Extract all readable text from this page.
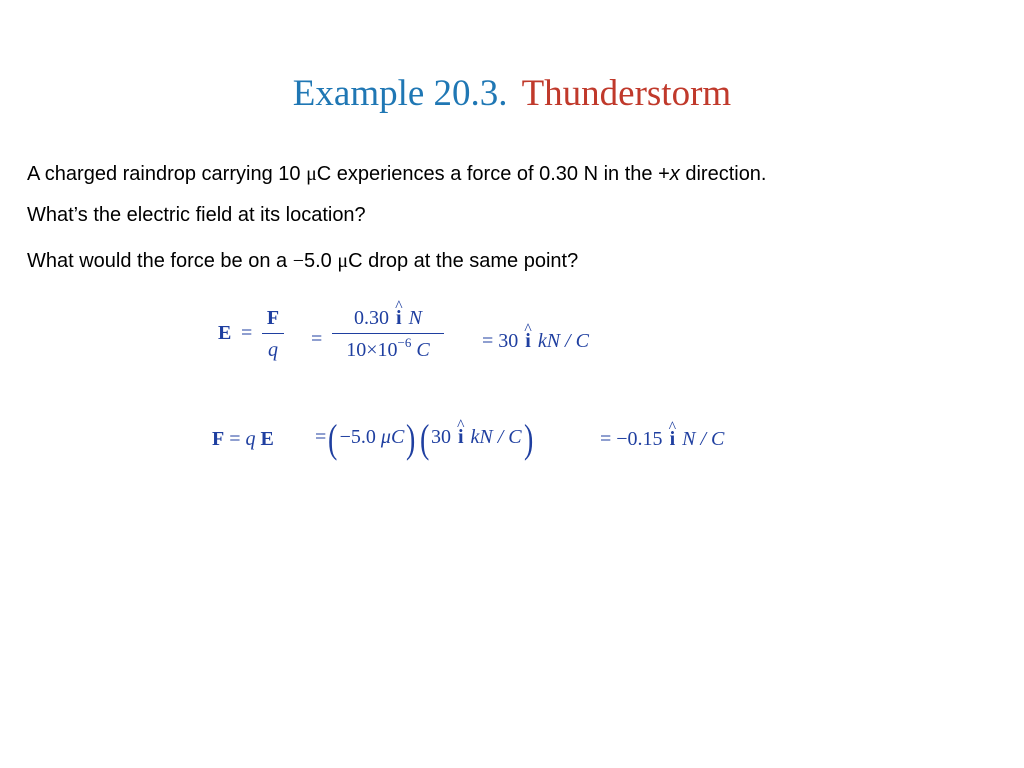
Example 20.3. Thunderstorm
A charged raindrop carrying 10 μC experiences a force of 0.30 N in the +x direction.
What’s the electric field at its location?
What would the force be on a −5.0 μC drop at the same point?
E =
F
q =
0.30 ^ i N
$10\times 10^{-6}$ C	= 30 ^ i kN / C
F = q E =(−5.0 μC)(30 ^ i kN / C)	= −0.15 ^ i N / C
